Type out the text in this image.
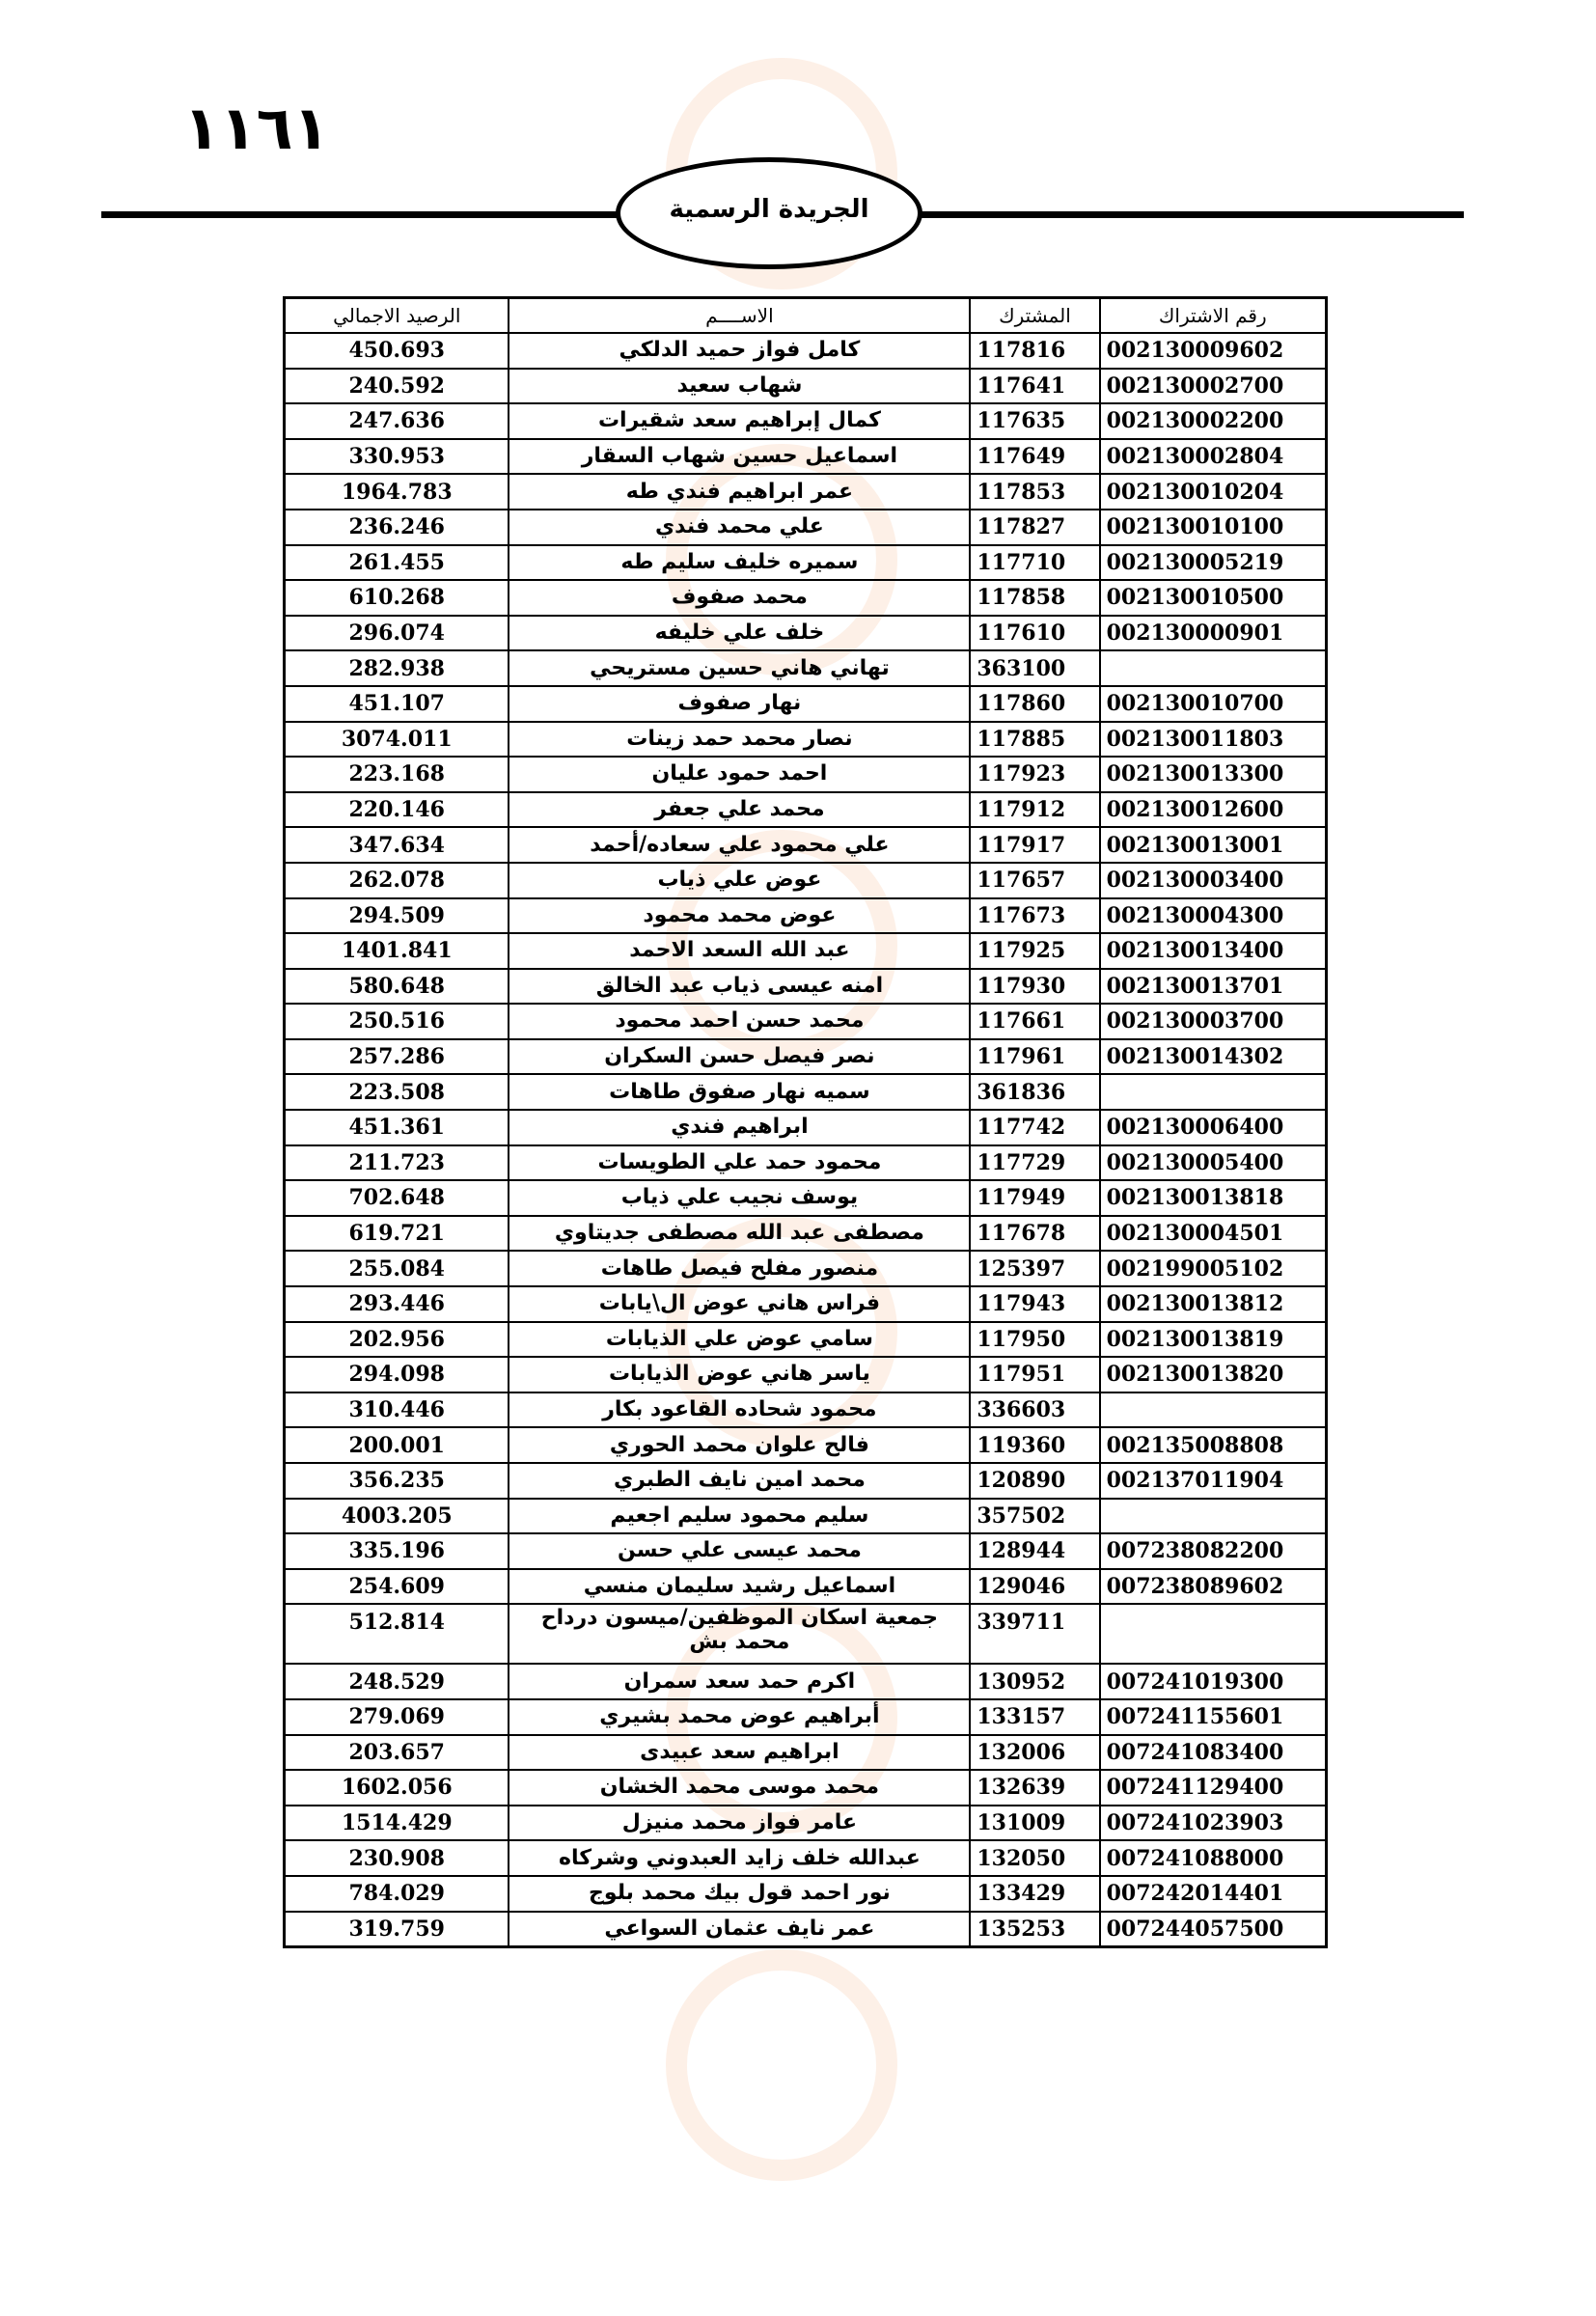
١١٦١
الجريدة الرسمية
رقم الاشتراك	المشترك	الاســــم	الرصيد الاجمالي
002130009602	117816	كامل فواز حميد الدلكي	450.693
002130002700	117641	شهاب سعيد	240.592
002130002200	117635	كمال إبراهيم سعد شقيرات	247.636
002130002804	117649	اسماعيل حسين شهاب السقار	330.953
002130010204	117853	عمر ابراهيم فندي طه	1964.783
002130010100	117827	علي محمد فندي	236.246
002130005219	117710	سميره خليف سليم طه	261.455
002130010500	117858	محمد صفوف	610.268
002130000901	117610	خلف علي خليفه	296.074
	363100	تهاني هاني حسين مستريحي	282.938
002130010700	117860	نهار صفوف	451.107
002130011803	117885	نصار محمد حمد زينات	3074.011
002130013300	117923	احمد حمود عليان	223.168
002130012600	117912	محمد علي جعفر	220.146
002130013001	117917	علي محمود علي سعاده/أحمد	347.634
002130003400	117657	عوض علي ذياب	262.078
002130004300	117673	عوض محمد محمود	294.509
002130013400	117925	عبد الله السعد الاحمد	1401.841
002130013701	117930	امنه عيسى ذياب عبد الخالق	580.648
002130003700	117661	محمد حسن احمد محمود	250.516
002130014302	117961	نصر فيصل حسن السكران	257.286
	361836	سميه نهار صفوق طاهات	223.508
002130006400	117742	ابراهيم فندي	451.361
002130005400	117729	محمود حمد علي الطويسات	211.723
002130013818	117949	يوسف نجيب علي ذياب	702.648
002130004501	117678	مصطفى عبد الله مصطفى جديتاوي	619.721
002199005102	125397	منصور مفلح فيصل طاهات	255.084
002130013812	117943	فراس هاني عوض ال\يابات	293.446
002130013819	117950	سامي عوض علي الذيابات	202.956
002130013820	117951	ياسر هاني عوض الذيابات	294.098
	336603	محمود شحاده القاعود بكار	310.446
002135008808	119360	فالح علوان محمد الحوري	200.001
002137011904	120890	محمد امين نايف الطبري	356.235
	357502	سليم محمود سليم اجعيم	4003.205
007238082200	128944	محمد عيسى علي حسن	335.196
007238089602	129046	اسماعيل رشيد سليمان منسي	254.609
	339711	جمعية اسكان الموظفين/ميسون درداح محمد بش	512.814
007241019300	130952	اكرم حمد سعد سمران	248.529
007241155601	133157	أبراهيم عوض محمد بشيري	279.069
007241083400	132006	ابراهيم سعد عبيدى	203.657
007241129400	132639	محمد موسى محمد الخشان	1602.056
007241023903	131009	عامر فواز محمد منيزل	1514.429
007241088000	132050	عبدالله خلف زايد العبدوني وشركاه	230.908
007242014401	133429	نور احمد قول بيك محمد بلوج	784.029
007244057500	135253	عمر نايف عثمان السواعي	319.759
